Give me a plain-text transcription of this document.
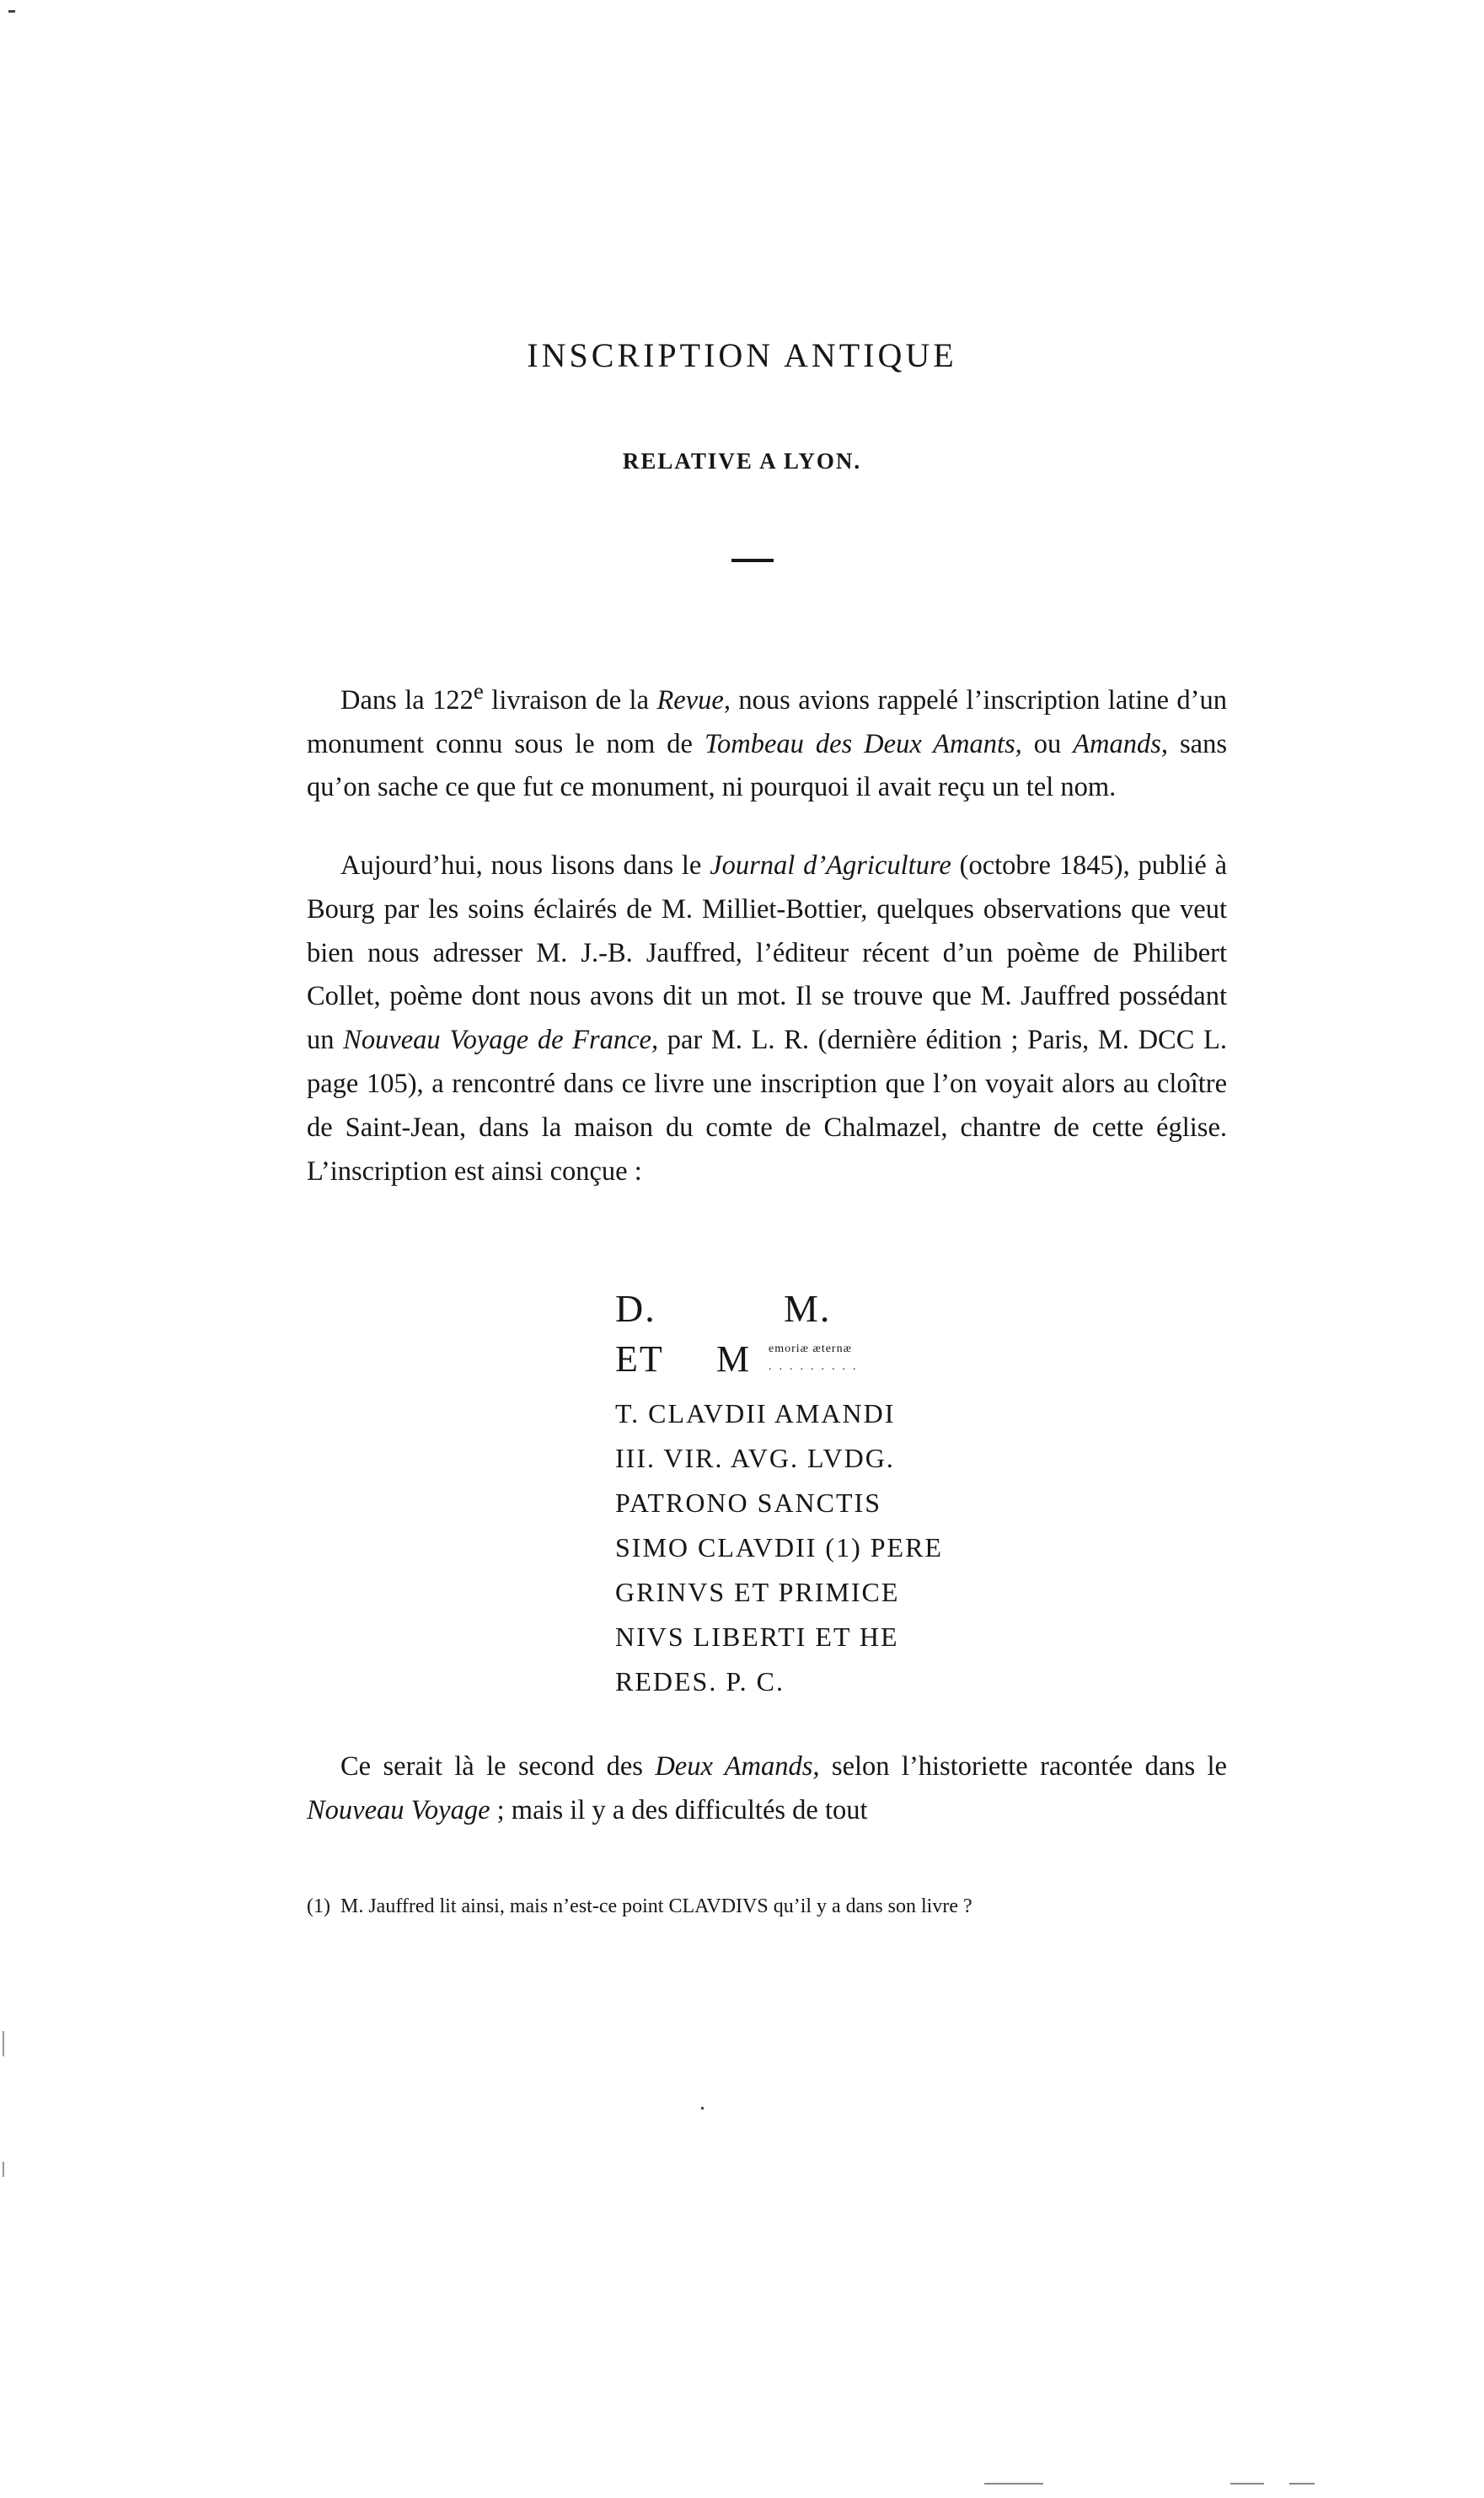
INSCRIPTION ANTIQUE
RELATIVE A LYON.

Dans la 122e livraison de la Revue, nous avions rappelé l’inscription latine d’un monument connu sous le nom de Tombeau des Deux Amants, ou Amands, sans qu’on sache ce que fut ce monument, ni pourquoi il avait reçu un tel nom.

Aujourd’hui, nous lisons dans le Journal d’Agriculture (octobre 1845), publié à Bourg par les soins éclairés de M. Milliet-Bottier, quelques observations que veut bien nous adresser M. J.-B. Jauffred, l’éditeur récent d’un poème de Philibert Collet, poème dont nous avons dit un mot. Il se trouve que M. Jauffred possédant un Nouveau Voyage de France, par M. L. R. (dernière édition ; Paris, M. DCC L. page 105), a rencontré dans ce livre une inscription que l’on voyait alors au cloître de Saint-Jean, dans la maison du comte de Chalmazel, chantre de cette église. L’inscription est ainsi conçue :

D.	M.
ET M emoriæ æternæ
.........
T. CLAVDII AMANDI
III. VIR. AVG. LVDG.
PATRONO SANCTIS
SIMO CLAVDII (1) PERE
GRINVS ET PRIMICE
NIVS LIBERTI ET HE
REDES. P. C.

Ce serait là le second des Deux Amands, selon l’historiette racontée dans le Nouveau Voyage ; mais il y a des difficultés de tout

(1) M. Jauffred lit ainsi, mais n’est-ce point CLAVDIVS qu’il y a dans son livre ?
